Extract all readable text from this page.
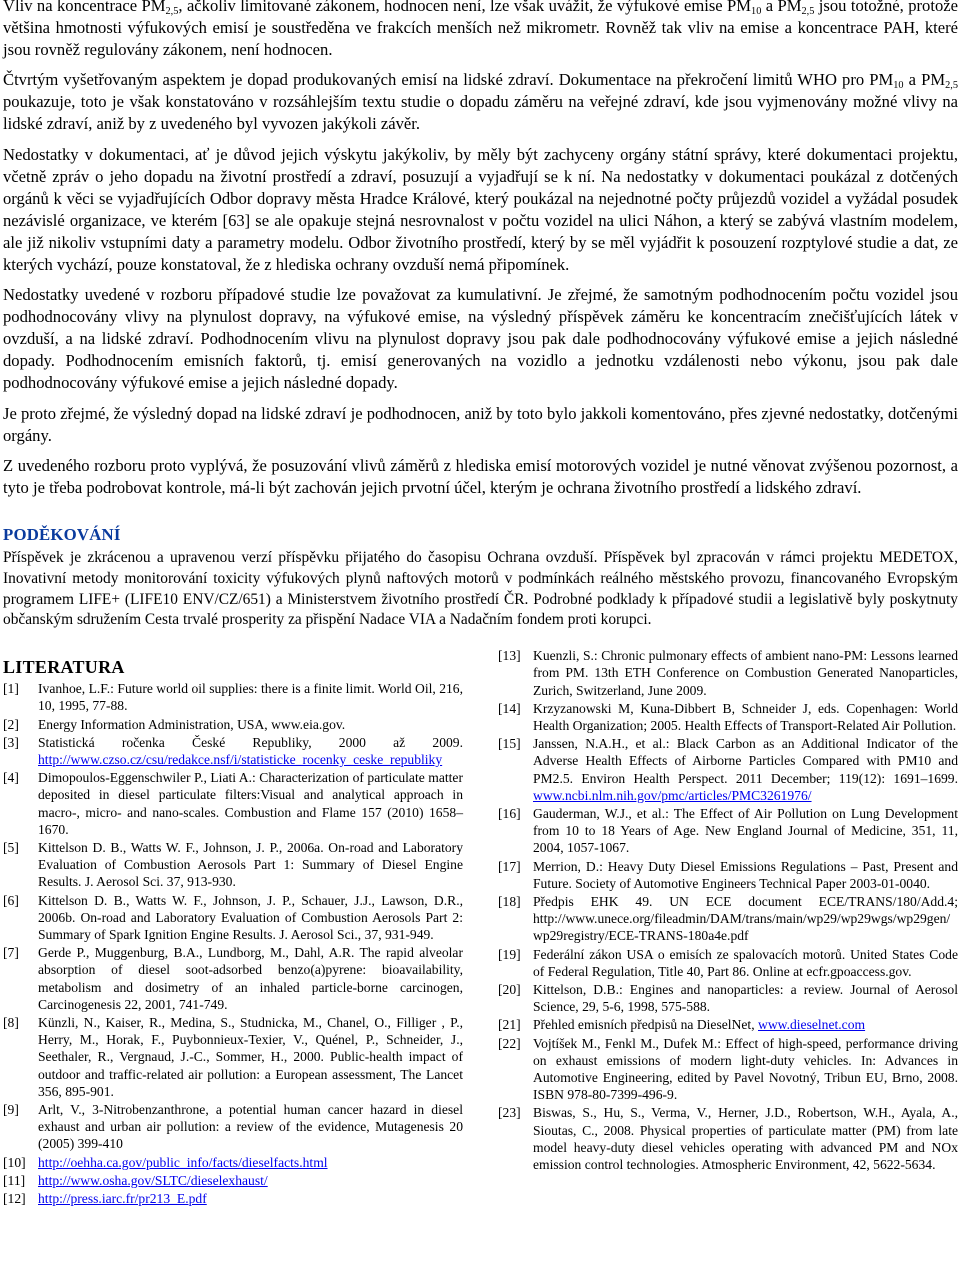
Vliv na koncentrace $PM_{2,5}$, ačkoliv limitované zákonem, hodnocen není, lze však uvážit, že výfukové emise $PM_{10}$ a $PM_{2,5}$ jsou totožné, protože většina hmotnosti výfukových emisí je soustředěna ve frakcích menších než mikrometr. Rovněž tak vliv na emise a koncentrace PAH, které jsou rovněž regulovány zákonem, není hodnocen.

Čtvrtým vyšetřovaným aspektem je dopad produkovaných emisí na lidské zdraví. Dokumentace na překročení limitů WHO pro $PM_{10}$ a $PM_{2,5}$ poukazuje, toto je však konstatováno v rozsáhlejším textu studie o dopadu záměru na veřejné zdraví, kde jsou vyjmenovány možné vlivy na lidské zdraví, aniž by z uvedeného byl vyvozen jakýkoli závěr.

Nedostatky v dokumentaci, ať je důvod jejich výskytu jakýkoliv, by měly být zachyceny orgány státní správy, které dokumentaci projektu, včetně zpráv o jeho dopadu na životní prostředí a zdraví, posuzují a vyjadřují se k ní. Na nedostatky v dokumentaci poukázal z dotčených orgánů k věci se vyjadřujících Odbor dopravy města Hradce Králové, který poukázal na nejednotné počty průjezdů vozidel a vyžádal posudek nezávislé organizace, ve kterém [63] se ale opakuje stejná nesrovnalost v počtu vozidel na ulici Náhon, a který se zabývá vlastním modelem, ale již nikoliv vstupními daty a parametry modelu. Odbor životního prostředí, který by se měl vyjádřit k posouzení rozptylové studie a dat, ze kterých vychází, pouze konstatoval, že z hlediska ochrany ovzduší nemá připomínek.

Nedostatky uvedené v rozboru případové studie lze považovat za kumulativní. Je zřejmé, že samotným podhodnocením počtu vozidel jsou podhodnocovány vlivy na plynulost dopravy, na výfukové emise, na výsledný příspěvek záměru ke koncentracím znečišťujících látek v ovzduší, a na lidské zdraví. Podhodnocením vlivu na plynulost dopravy jsou pak dale podhodnocovány výfukové emise a jejich následné dopady. Podhodnocením emisních faktorů, tj. emisí generovaných na vozidlo a jednotku vzdálenosti nebo výkonu, jsou pak dale podhodnocovány výfukové emise a jejich následné dopady.

Je proto zřejmé, že výsledný dopad na lidské zdraví je podhodnocen, aniž by toto bylo jakkoli komentováno, přes zjevné nedostatky, dotčenými orgány.

Z uvedeného rozboru proto vyplývá, že posuzování vlivů záměrů z hlediska emisí motorových vozidel je nutné věnovat zvýšenou pozornost, a tyto je třeba podrobovat kontrole, má-li být zachován jejich prvotní účel, kterým je ochrana životního prostředí a lidského zdraví.

PODĚKOVÁNÍ

Příspěvek je zkrácenou a upravenou verzí příspěvku přijatého do časopisu Ochrana ovzduší. Příspěvek byl zpracován v rámci projektu MEDETOX, Inovativní metody monitorování toxicity výfukových plynů naftových motorů v podmínkách reálného městského provozu, financovaného Evropským programem LIFE+ (LIFE10 ENV/CZ/651) a Ministerstvem životního prostředí ČR. Podrobné podklady k případové studii a legislativě byly poskytnuty občanským sdružením Cesta trvalé prosperity za přispění Nadace VIA a Nadačním fondem proti korupci.

LITERATURA
[1]	Ivanhoe, L.F.: Future world oil supplies: there is a finite limit. World Oil, 216, 10, 1995, 77-88.
[2]	Energy Information Administration, USA, www.eia.gov.
[3]	Statistická ročenka České Republiky, 2000 až 2009. http://www.czso.cz/csu/redakce.nsf/i/statisticke_rocenky_ceske_republiky
[4]	Dimopoulos-Eggenschwiler P., Liati A.: Characterization of particulate matter deposited in diesel particulate filters:Visual and analytical approach in macro-, micro- and nano-scales. Combustion and Flame 157 (2010) 1658–1670.
[5]	Kittelson D. B., Watts W. F., Johnson, J. P., 2006a. On-road and Laboratory Evaluation of Combustion Aerosols Part 1: Summary of Diesel Engine Results. J. Aerosol Sci. 37, 913-930.
[6]	Kittelson D. B., Watts W. F., Johnson, J. P., Schauer, J.J., Lawson, D.R., 2006b. On-road and Laboratory Evaluation of Combustion Aerosols Part 2: Summary of Spark Ignition Engine Results. J. Aerosol Sci., 37, 931-949.
[7]	Gerde P., Muggenburg, B.A., Lundborg, M., Dahl, A.R. The rapid alveolar absorption of diesel soot-adsorbed benzo(a)pyrene: bioavailability, metabolism and dosimetry of an inhaled particle-borne carcinogen, Carcinogenesis 22, 2001, 741-749.
[8]	Künzli, N., Kaiser, R., Medina, S., Studnicka, M., Chanel, O., Filliger , P., Herry, M., Horak, F., Puybonnieux-Texier, V., Quénel, P., Schneider, J., Seethaler, R., Vergnaud, J.-C., Sommer, H., 2000. Public-health impact of outdoor and traffic-related air pollution: a European assessment, The Lancet 356, 895-901.
[9]	Arlt, V., 3-Nitrobenzanthrone, a potential human cancer hazard in diesel exhaust and urban air pollution: a review of the evidence, Mutagenesis 20 (2005) 399-410
[10] http://oehha.ca.gov/public_info/facts/dieselfacts.html
[11] http://www.osha.gov/SLTC/dieselexhaust/
[12] http://press.iarc.fr/pr213_E.pdf
[13] Kuenzli, S.: Chronic pulmonary effects of ambient nano-PM: Lessons learned from PM. 13th ETH Conference on Combustion Generated Nanoparticles, Zurich, Switzerland, June 2009.
[14] Krzyzanowski M, Kuna-Dibbert B, Schneider J, eds. Copenhagen: World Health Organization; 2005. Health Effects of Transport-Related Air Pollution.
[15] Janssen, N.A.H., et al.: Black Carbon as an Additional Indicator of the Adverse Health Effects of Airborne Particles Compared with PM10 and PM2.5. Environ Health Perspect. 2011 December; 119(12): 1691–1699. www.ncbi.nlm.nih.gov/pmc/articles/PMC3261976/
[16] Gauderman, W.J., et al.: The Effect of Air Pollution on Lung Development from 10 to 18 Years of Age. New England Journal of Medicine, 351, 11, 2004, 1057-1067.
[17] Merrion, D.: Heavy Duty Diesel Emissions Regulations – Past, Present and Future. Society of Automotive Engineers Technical Paper 2003-01-0040.
[18] Předpis EHK 49. UN ECE document ECE/TRANS/180/Add.4; http://www.unece.org/fileadmin/DAM/trans/main/wp29/wp29wgs/wp29gen/wp29registry/ECE-TRANS-180a4e.pdf
[19] Federální zákon USA o emisích ze spalovacích motorů. United States Code of Federal Regulation, Title 40, Part 86. Online at ecfr.gpoaccess.gov.
[20] Kittelson, D.B.: Engines and nanoparticles: a review. Journal of Aerosol Science, 29, 5-6, 1998, 575-588.
[21] Přehled emisních předpisů na DieselNet, www.dieselnet.com
[22] Vojtíšek M., Fenkl M., Dufek M.: Effect of high-speed, performance driving on exhaust emissions of modern light-duty vehicles. In: Advances in Automotive Engineering, edited by Pavel Novotný, Tribun EU, Brno, 2008. ISBN 978-80-7399-496-9.
[23] Biswas, S., Hu, S., Verma, V., Herner, J.D., Robertson, W.H., Ayala, A., Sioutas, C., 2008. Physical properties of particulate matter (PM) from late model heavy-duty diesel vehicles operating with advanced PM and NOx emission control technologies. Atmospheric Environment, 42, 5622-5634.
